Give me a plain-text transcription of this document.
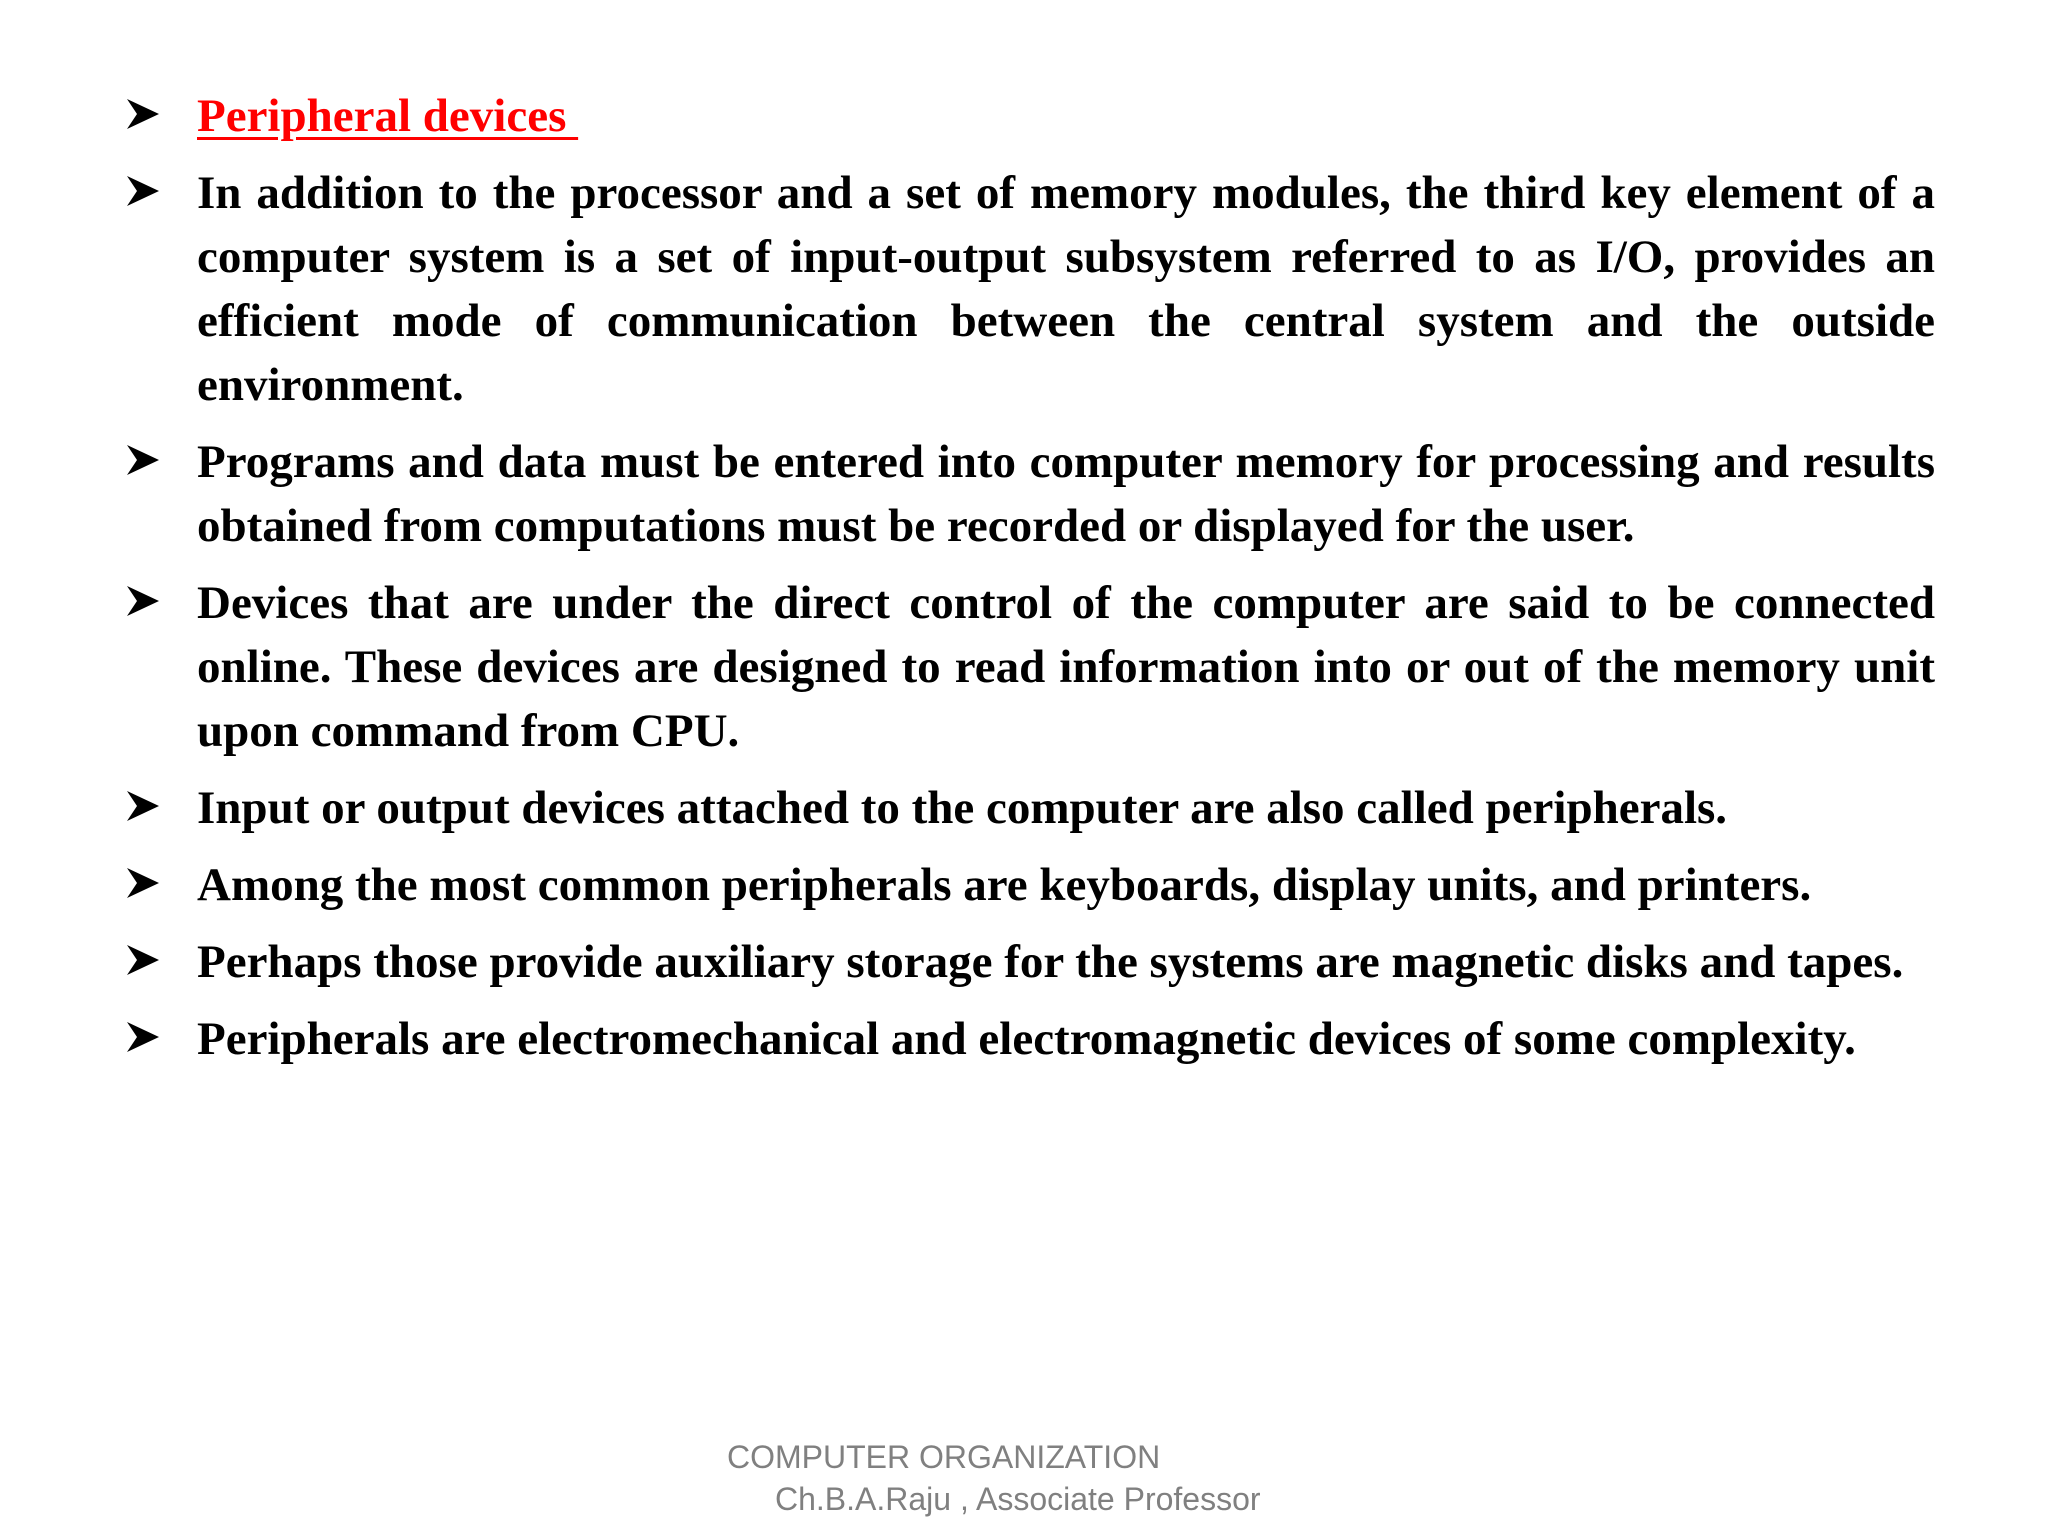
Peripheral devices
In addition to the processor and a set of memory modules, the third key element of a computer system is a set of input-output subsystem referred to as I/O, provides an efficient mode of communication between the central system and the outside environment.
Programs and data must be entered into computer memory for processing and results obtained from computations must be recorded or displayed for the user.
Devices that are under the direct control of the computer are said to be connected online. These devices are designed to read information into or out of the memory unit upon command from CPU.
Input or output devices attached to the computer are also called peripherals.
Among the most common peripherals are keyboards, display units, and printers.
Perhaps those provide auxiliary storage for the systems are magnetic disks and tapes.
Peripherals are electromechanical and electromagnetic devices of some complexity.
COMPUTER ORGANIZATION
Ch.B.A.Raju , Associate Professor
